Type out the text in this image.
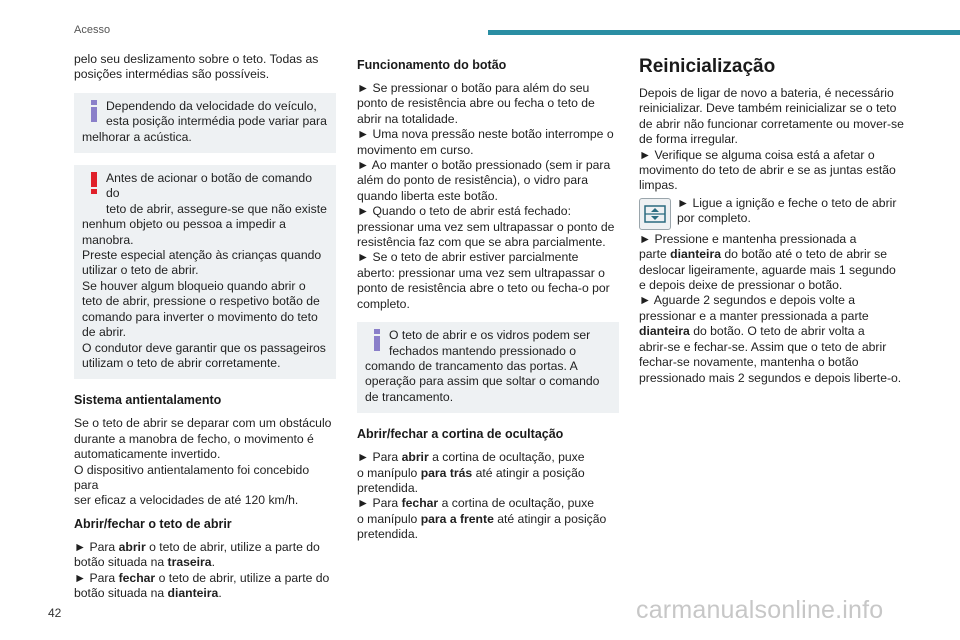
Acesso

pelo seu deslizamento sobre o teto. Todas as
posições intermédias são possíveis.

Dependendo da velocidade do veículo,
esta posição intermédia pode variar para
melhorar a acústica.
Antes de acionar o botão de comando do
teto de abrir, assegure-se que não existe
nenhum objeto ou pessoa a impedir a
manobra.
Preste especial atenção às crianças quando
utilizar o teto de abrir.
Se houver algum bloqueio quando abrir o
teto de abrir, pressione o respetivo botão de
comando para inverter o movimento do teto
de abrir.
O condutor deve garantir que os passageiros
utilizam o teto de abrir corretamente.
Sistema antientalamento

Se o teto de abrir se deparar com um obstáculo
durante a manobra de fecho, o movimento é
automaticamente invertido.
O dispositivo antientalamento foi concebido para
ser eficaz a velocidades de até 120 km/h.

Abrir/fechar o teto de abrir

► Para abrir o teto de abrir, utilize a parte do
botão situada na traseira.
► Para fechar o teto de abrir, utilize a parte do
botão situada na dianteira.

Funcionamento do botão

► Se pressionar o botão para além do seu
ponto de resistência abre ou fecha o teto de
abrir na totalidade.
► Uma nova pressão neste botão interrompe o
movimento em curso.
► Ao manter o botão pressionado (sem ir para
além do ponto de resistência), o vidro para
quando liberta este botão.
► Quando o teto de abrir está fechado:
pressionar uma vez sem ultrapassar o ponto de
resistência faz com que se abra parcialmente.
► Se o teto de abrir estiver parcialmente
aberto: pressionar uma vez sem ultrapassar o
ponto de resistência abre o teto ou fecha-o por
completo.

O teto de abrir e os vidros podem ser
fechados mantendo pressionado o
comando de trancamento das portas. A
operação para assim que soltar o comando
de trancamento.
Abrir/fechar a cortina de ocultação

► Para abrir a cortina de ocultação, puxe
o manípulo para trás até atingir a posição
pretendida.
► Para fechar a cortina de ocultação, puxe
o manípulo para a frente até atingir a posição
pretendida.

Reinicialização

Depois de ligar de novo a bateria, é necessário
reinicializar. Deve também reinicializar se o teto
de abrir não funcionar corretamente ou mover-se
de forma irregular.
► Verifique se alguma coisa está a afetar o
movimento do teto de abrir e se as juntas estão
limpas.

► Ligue a ignição e feche o teto de abrir
por completo.

► Pressione e mantenha pressionada a
parte dianteira do botão até o teto de abrir se
deslocar ligeiramente, aguarde mais 1 segundo
e depois deixe de pressionar o botão.

► Aguarde 2 segundos e depois volte a
pressionar e a manter pressionada a parte
dianteira do botão. O teto de abrir volta a
abrir-se e fechar-se. Assim que o teto de abrir
fechar-se novamente, mantenha o botão
pressionado mais 2 segundos e depois liberte-o.

42	carmanualsonline.info
